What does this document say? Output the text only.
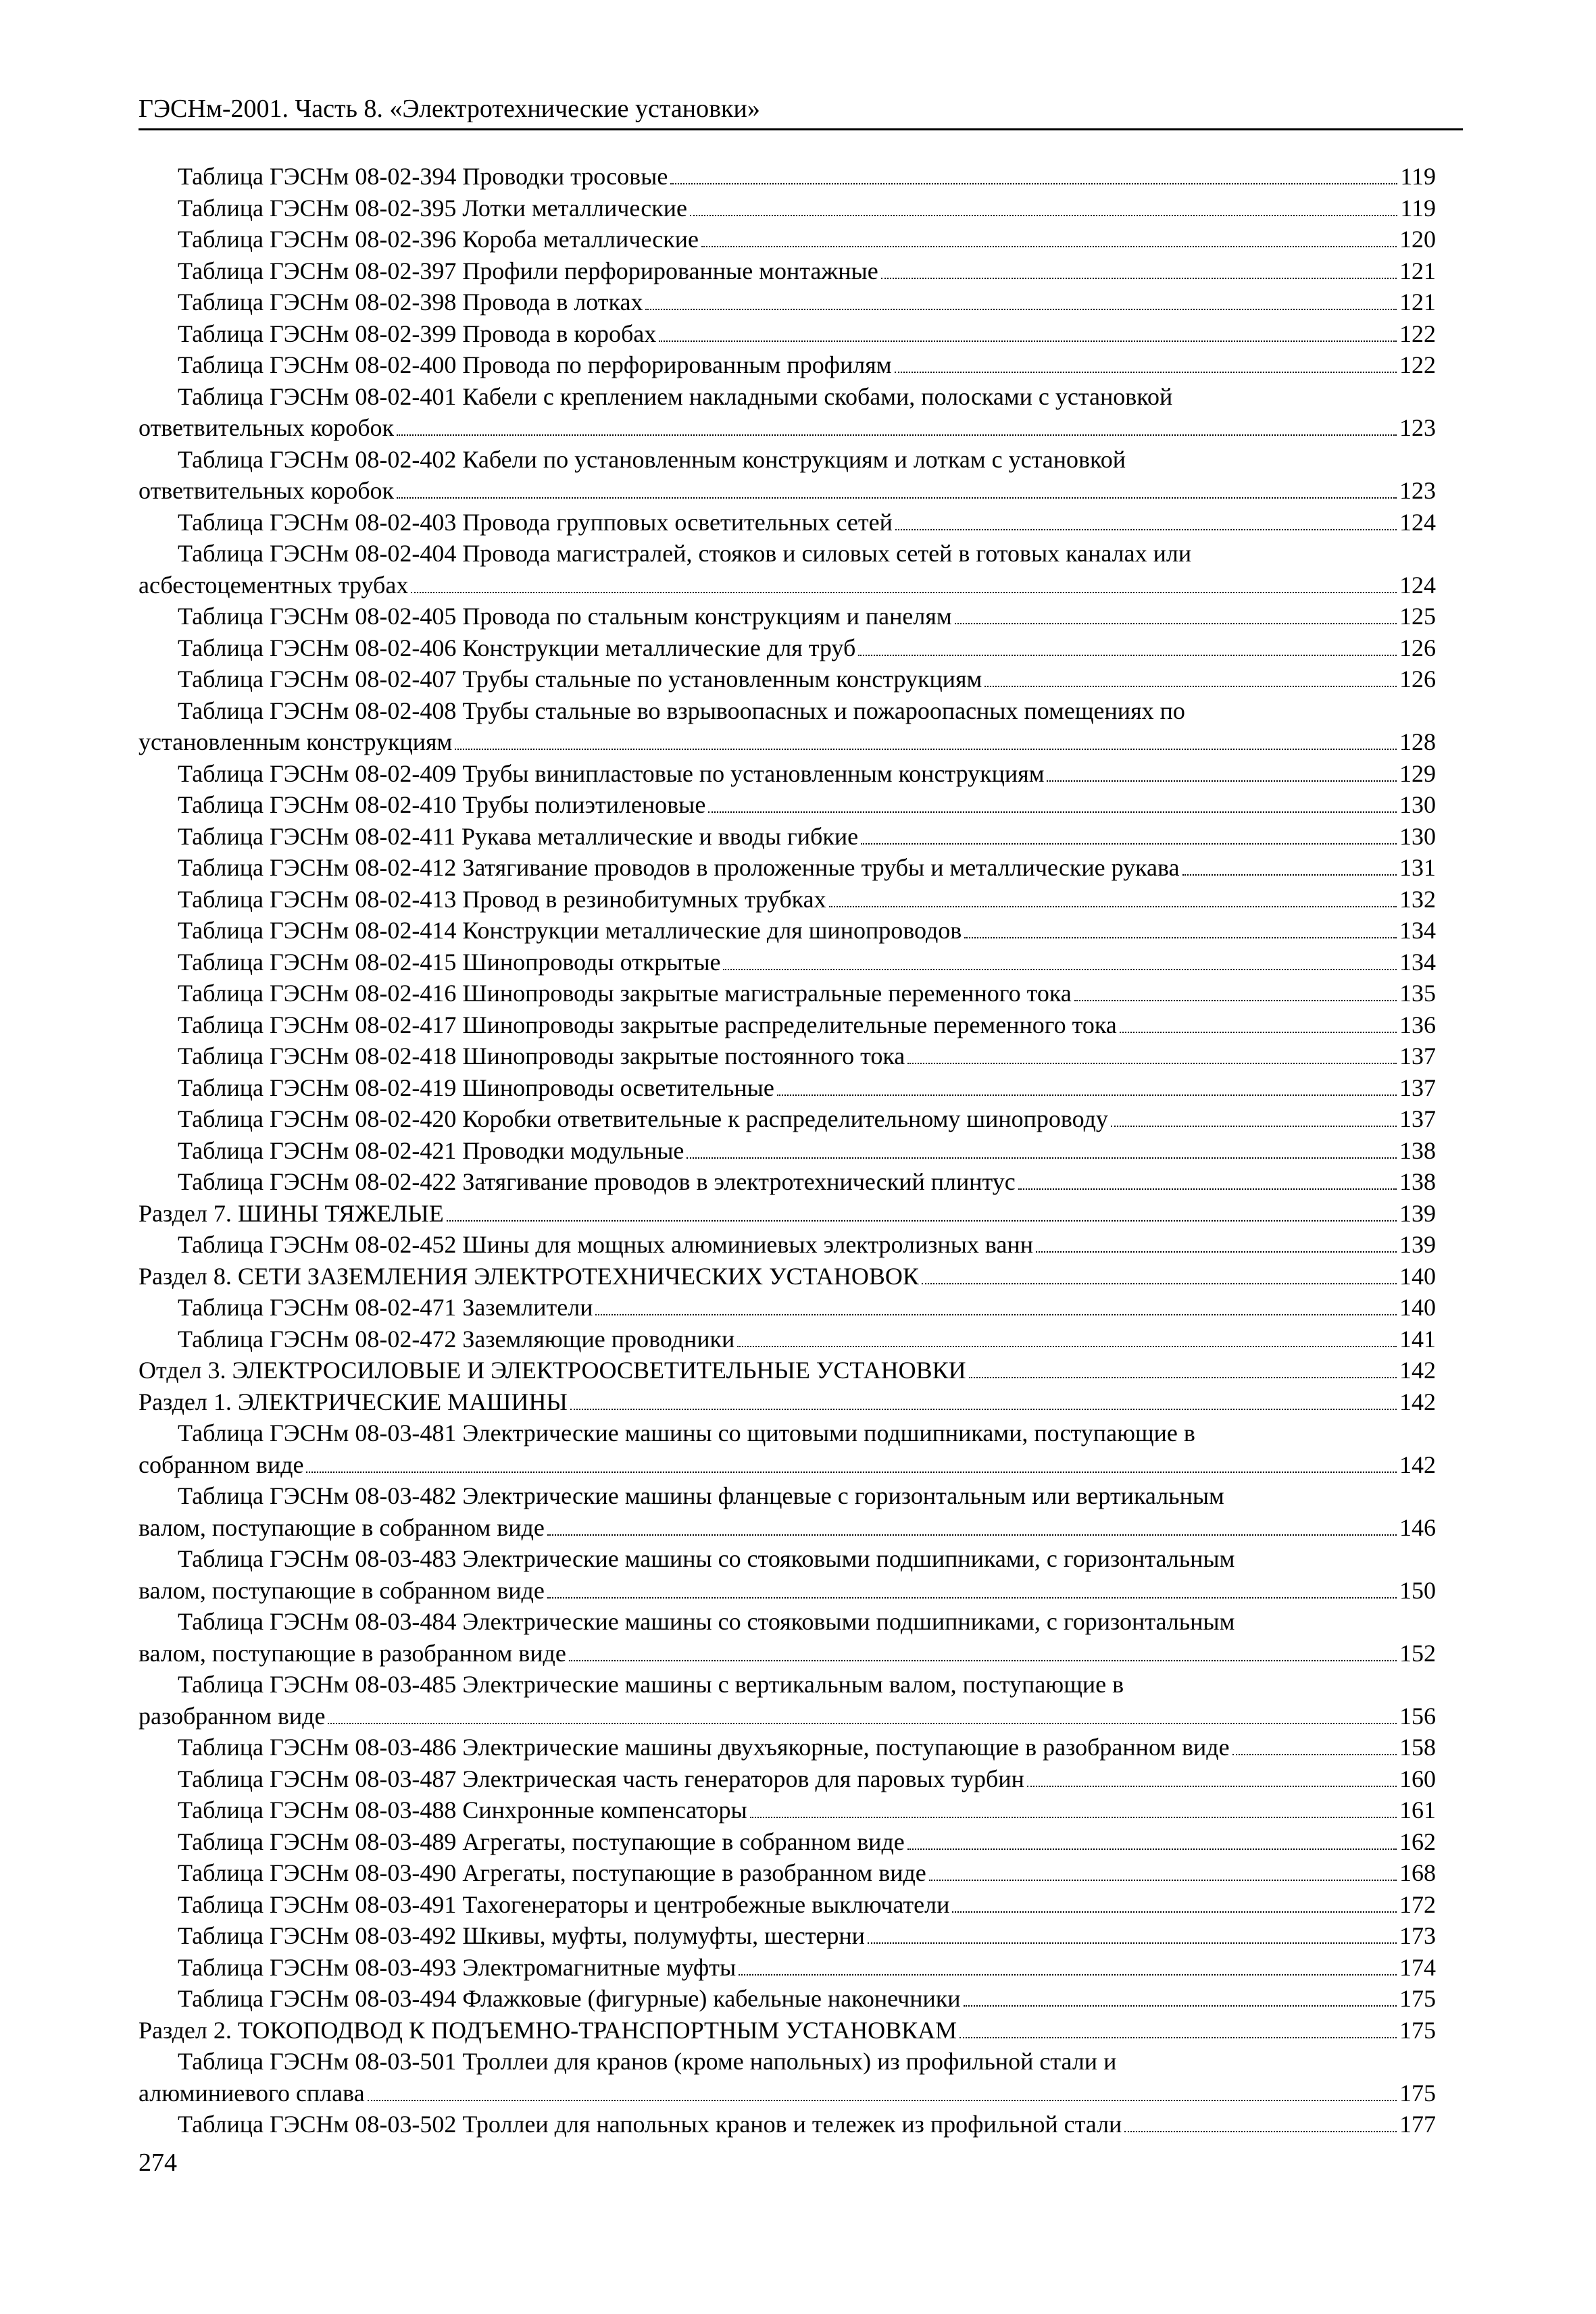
ГЭСНм-2001. Часть 8. «Электротехнические установки»
Таблица ГЭСНм 08-02-394 Проводки тросовые	119
Таблица ГЭСНм 08-02-395 Лотки металлические	119
Таблица ГЭСНм 08-02-396 Короба металлические	120
Таблица ГЭСНм 08-02-397 Профили перфорированные монтажные	121
Таблица ГЭСНм 08-02-398 Провода в лотках	121
Таблица ГЭСНм 08-02-399 Провода в коробах	122
Таблица ГЭСНм 08-02-400 Провода по перфорированным профилям	122
Таблица ГЭСНм 08-02-401 Кабели с креплением накладными скобами, полосками с установкой
ответвительных коробок	123
Таблица ГЭСНм 08-02-402 Кабели по установленным конструкциям и лоткам с установкой
ответвительных коробок	123
Таблица ГЭСНм 08-02-403 Провода групповых осветительных сетей	124
Таблица ГЭСНм 08-02-404 Провода магистралей, стояков и силовых сетей в готовых каналах или
асбестоцементных трубах	124
Таблица ГЭСНм 08-02-405 Провода по стальным конструкциям и панелям	125
Таблица ГЭСНм 08-02-406 Конструкции металлические для труб	126
Таблица ГЭСНм 08-02-407 Трубы стальные по установленным конструкциям	126
Таблица ГЭСНм 08-02-408 Трубы стальные во взрывоопасных и пожароопасных помещениях по
установленным конструкциям	128
Таблица ГЭСНм 08-02-409 Трубы винипластовые по установленным конструкциям	129
Таблица ГЭСНм 08-02-410 Трубы полиэтиленовые	130
Таблица ГЭСНм 08-02-411 Рукава металлические и вводы гибкие	130
Таблица ГЭСНм 08-02-412 Затягивание проводов в проложенные трубы и металлические рукава	131
Таблица ГЭСНм 08-02-413 Провод в резинобитумных трубках	132
Таблица ГЭСНм 08-02-414 Конструкции металлические для шинопроводов	134
Таблица ГЭСНм 08-02-415 Шинопроводы открытые	134
Таблица ГЭСНм 08-02-416 Шинопроводы закрытые магистральные переменного тока	135
Таблица ГЭСНм 08-02-417 Шинопроводы закрытые распределительные переменного тока	136
Таблица ГЭСНм 08-02-418 Шинопроводы закрытые постоянного тока	137
Таблица ГЭСНм 08-02-419 Шинопроводы осветительные	137
Таблица ГЭСНм 08-02-420 Коробки ответвительные к распределительному шинопроводу	137
Таблица ГЭСНм 08-02-421 Проводки модульные	138
Таблица ГЭСНм 08-02-422 Затягивание проводов в электротехнический плинтус	138
Раздел 7. ШИНЫ ТЯЖЕЛЫЕ	139
Таблица ГЭСНм 08-02-452 Шины для мощных алюминиевых электролизных ванн	139
Раздел 8. СЕТИ ЗАЗЕМЛЕНИЯ ЭЛЕКТРОТЕХНИЧЕСКИХ УСТАНОВОК	140
Таблица ГЭСНм 08-02-471 Заземлители	140
Таблица ГЭСНм 08-02-472 Заземляющие проводники	141
Отдел 3. ЭЛЕКТРОСИЛОВЫЕ И ЭЛЕКТРООСВЕТИТЕЛЬНЫЕ УСТАНОВКИ	142
Раздел 1. ЭЛЕКТРИЧЕСКИЕ МАШИНЫ	142
Таблица ГЭСНм 08-03-481 Электрические машины со щитовыми подшипниками, поступающие в
собранном виде	142
Таблица ГЭСНм 08-03-482 Электрические машины фланцевые с горизонтальным или вертикальным
валом, поступающие в собранном виде	146
Таблица ГЭСНм 08-03-483 Электрические машины со стояковыми подшипниками, с горизонтальным
валом, поступающие в собранном виде	150
Таблица ГЭСНм 08-03-484 Электрические машины со стояковыми подшипниками, с горизонтальным
валом, поступающие в разобранном виде	152
Таблица ГЭСНм 08-03-485 Электрические машины с вертикальным валом, поступающие в
разобранном виде	156
Таблица ГЭСНм 08-03-486 Электрические машины двухъякорные, поступающие в разобранном виде	158
Таблица ГЭСНм 08-03-487 Электрическая часть генераторов для паровых турбин	160
Таблица ГЭСНм 08-03-488 Синхронные компенсаторы	161
Таблица ГЭСНм 08-03-489 Агрегаты, поступающие в собранном виде	162
Таблица ГЭСНм 08-03-490 Агрегаты, поступающие в разобранном виде	168
Таблица ГЭСНм 08-03-491 Тахогенераторы и центробежные выключатели	172
Таблица ГЭСНм 08-03-492 Шкивы, муфты, полумуфты, шестерни	173
Таблица ГЭСНм 08-03-493 Электромагнитные муфты	174
Таблица ГЭСНм 08-03-494 Флажковые (фигурные) кабельные наконечники	175
Раздел 2. ТОКОПОДВОД К ПОДЪЕМНО-ТРАНСПОРТНЫМ УСТАНОВКАМ	175
Таблица ГЭСНм 08-03-501 Троллеи для кранов (кроме напольных) из профильной стали и
алюминиевого сплава	175
Таблица ГЭСНм 08-03-502 Троллеи для напольных кранов и тележек из профильной стали	177
274
